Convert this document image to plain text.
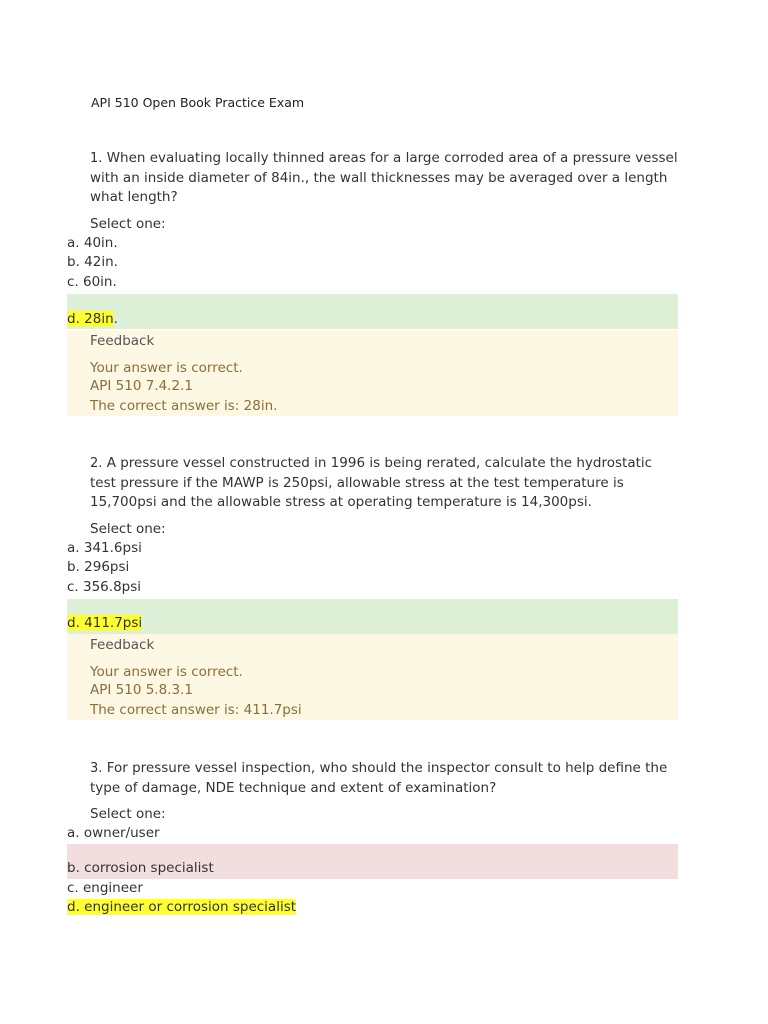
API 510 Open Book Practice Exam
1. When evaluating locally thinned areas for a large corroded area of a pressure vessel with an inside diameter of 84in., the wall thicknesses may be averaged over a length what length?
Select one:
a. 40in.
b. 42in.
c. 60in.
d. 28in.
Feedback
Your answer is correct.
API 510 7.4.2.1
The correct answer is: 28in.
2. A pressure vessel constructed in 1996 is being rerated, calculate the hydrostatic test pressure if the MAWP is 250psi, allowable stress at the test temperature is 15,700psi and the allowable stress at operating temperature is 14,300psi.
Select one:
a. 341.6psi
b. 296psi
c. 356.8psi
d. 411.7psi
Feedback
Your answer is correct.
API 510 5.8.3.1
The correct answer is: 411.7psi
3. For pressure vessel inspection, who should the inspector consult to help define the type of damage, NDE technique and extent of examination?
Select one:
a. owner/user
b. corrosion specialist
c. engineer
d. engineer or corrosion specialist
